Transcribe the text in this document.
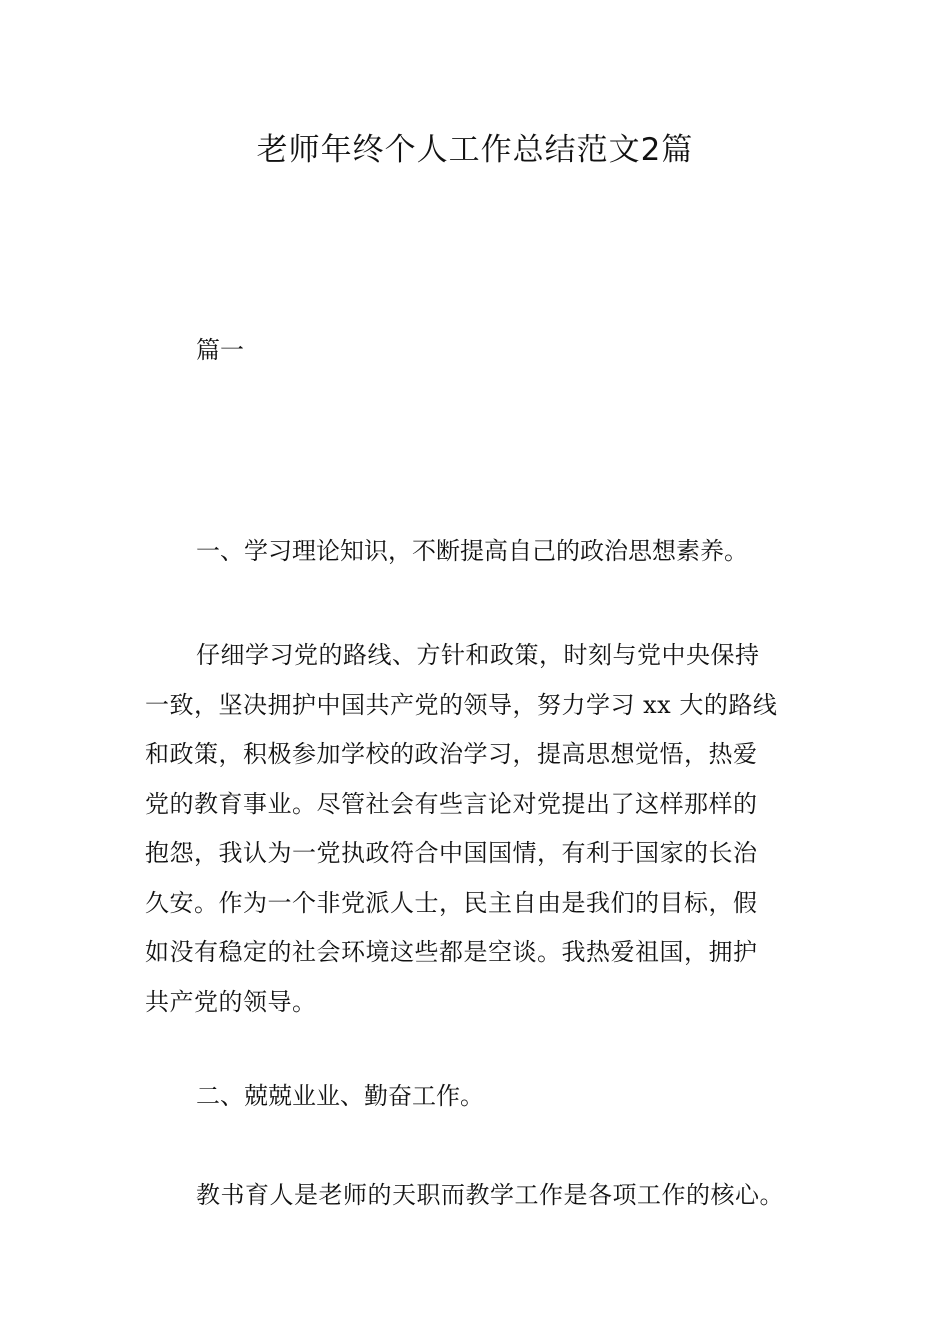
老师年终个人工作总结范文2篇

篇一

一、学习理论知识，不断提高自己的政治思想素养。

仔细学习党的路线、方针和政策，时刻与党中央保持
一致，坚决拥护中国共产党的领导，努力学习 xx 大的路线
和政策，积极参加学校的政治学习，提高思想觉悟，热爱
党的教育事业。尽管社会有些言论对党提出了这样那样的
抱怨，我认为一党执政符合中国国情，有利于国家的长治
久安。作为一个非党派人士，民主自由是我们的目标，假
如没有稳定的社会环境这些都是空谈。我热爱祖国，拥护
共产党的领导。

二、兢兢业业、勤奋工作。

教书育人是老师的天职而教学工作是各项工作的核心。
